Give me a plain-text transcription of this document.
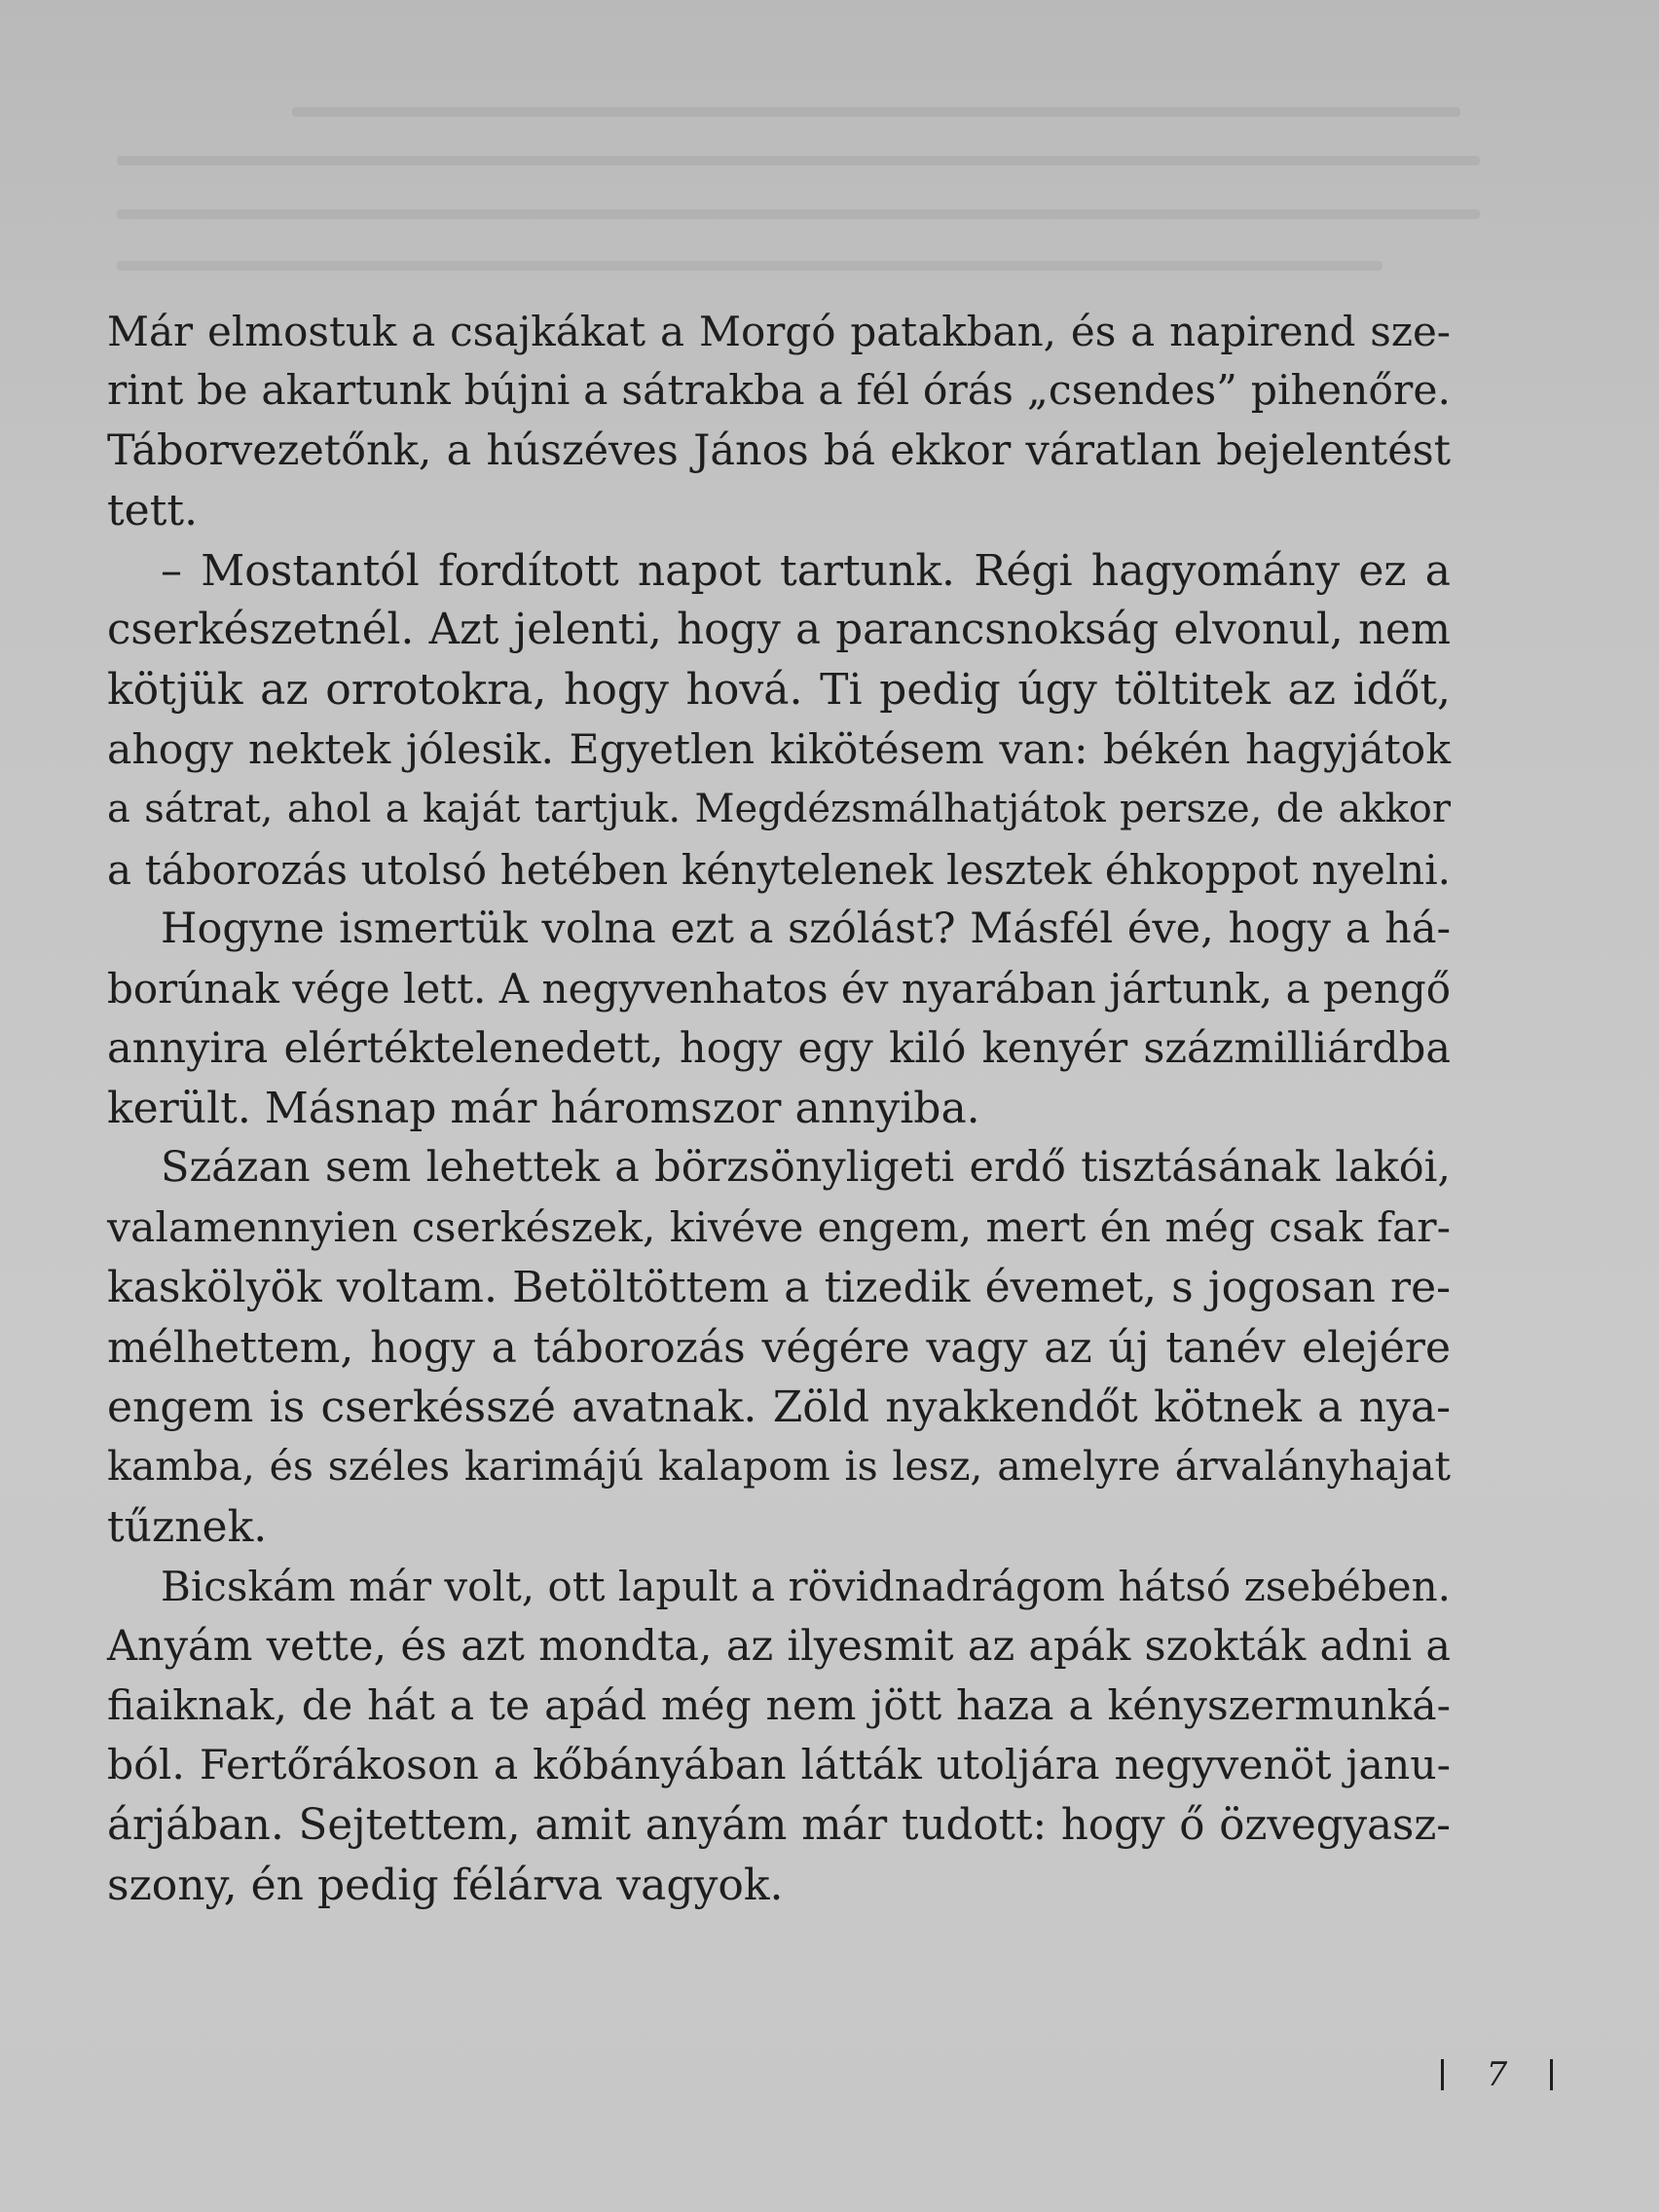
Már elmostuk a csajkákat a Morgó patakban, és a napirend sze-
rint be akartunk bújni a sátrakba a fél órás „csendes” pihenőre.
Táborvezetőnk, a húszéves János bá ekkor váratlan bejelentést
tett.
– Mostantól fordított napot tartunk. Régi hagyomány ez a
cserkészetnél. Azt jelenti, hogy a parancsnokság elvonul, nem
kötjük az orrotokra, hogy hová. Ti pedig úgy töltitek az időt,
ahogy nektek jólesik. Egyetlen kikötésem van: békén hagyjátok
a sátrat, ahol a kaját tartjuk. Megdézsmálhatjátok persze, de akkor
a táborozás utolsó hetében kénytelenek lesztek éhkoppot nyelni.
Hogyne ismertük volna ezt a szólást? Másfél éve, hogy a há-
borúnak vége lett. A negyvenhatos év nyarában jártunk, a pengő
annyira elértéktelenedett, hogy egy kiló kenyér százmilliárdba
került. Másnap már háromszor annyiba.
Százan sem lehettek a börzsönyligeti erdő tisztásának lakói,
valamennyien cserkészek, kivéve engem, mert én még csak far-
kaskölyök voltam. Betöltöttem a tizedik évemet, s jogosan re-
mélhettem, hogy a táborozás végére vagy az új tanév elejére
engem is cserkésszé avatnak. Zöld nyakkendőt kötnek a nya-
kamba, és széles karimájú kalapom is lesz, amelyre árvalányhajat
tűznek.
Bicskám már volt, ott lapult a rövidnadrágom hátsó zsebében.
Anyám vette, és azt mondta, az ilyesmit az apák szokták adni a
fiaiknak, de hát a te apád még nem jött haza a kényszermunká-
ból. Fertőrákoson a kőbányában látták utoljára negyvenöt janu-
árjában. Sejtettem, amit anyám már tudott: hogy ő özvegyasz-
szony, én pedig félárva vagyok.
7
